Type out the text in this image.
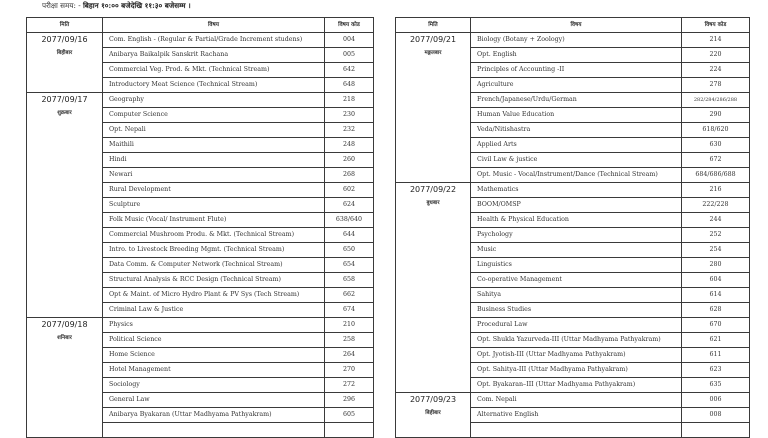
परीक्षा समय: - बिहान १०:०० बजेदेखि ११:३० बजेसम्म ।
मिति	विषय	विषय कोड

2077/09/16
बिहीबार	Com. English - (Regular & Partial/Grade Increment studens)	004
	Anibarya Baikalpik Sanskrit Rachana	005
	Commercial Veg. Prod. & Mkt. (Technical Stream)	642
	Introductory Meat Science (Technical Stream)	648

2077/09/17
शुक्रबार	Geography	218
	Computer Science	230
	Opt. Nepali	232
	Maithili	248
	Hindi	260
	Newari	268
	Rural Development	602
	Sculpture	624
	Folk Music (Vocal/ Instrument Flute)	638/640
	Commercial Mushroom Produ. & Mkt. (Technical Stream)	644
	Intro. to Livestock Breeding Mgmt. (Technical Stream)	650
	Data Comm. & Computer Network (Technical Stream)	654
	Structural Analysis & RCC Design (Technical Stream)	658
	Opt & Maint. of Micro Hydro Plant & PV Sys (Tech Stream)	662
	Criminal Law & Justice	674

2077/09/18
शनिबार	Physics	210
	Political Science	258
	Home Science	264
	Hotel Management	270
	Sociology	272
	General Law	296
	Anibarya Byakaran (Uttar Madhyama Pathyakram)	605

मिति	विषय	विषय कोड

2077/09/21
मङ्गलबार	Biology (Botany + Zoology)	214
	Opt. English	220
	Principles of Accounting -II	224
	Agriculture	278
	French/Japanese/Urdu/German	282/284/286/288
	Human Value Education	290
	Veda/Nitishastra	618/620
	Applied Arts	630
	Civil Law & justice	672
	Opt. Music - Vocal/Instrument/Dance (Technical Stream)	684/686/688

2077/09/22
बुधबार	Mathematics	216
	BOOM/OMSP	222/228
	Health & Physical Education	244
	Psychology	252
	Music	254
	Linguistics	280
	Co-operative Management	604
	Sahitya	614
	Business Studies	628
	Procedural Law	670
	Opt. Shukla Yazurveda-III (Uttar Madhyama Pathyakram)	621
	Opt. Jyotish-III (Uttar Madhyama Pathyakram)	611
	Opt. Sahitya-III (Uttar Madhyama Pathyakram)	623
	Opt. Byakaran–III (Uttar Madhyama Pathyakram)	635

2077/09/23
बिहीबार	Com. Nepali	006
	Alternative English	008
